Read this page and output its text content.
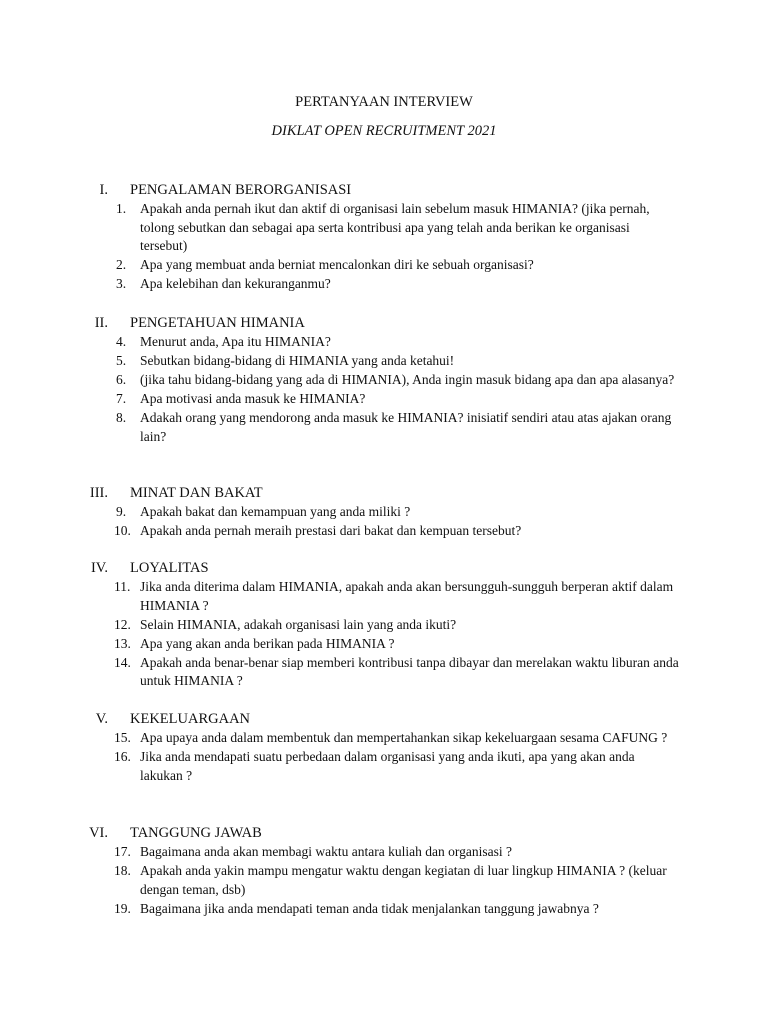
PERTANYAAN INTERVIEW
DIKLAT OPEN RECRUITMENT 2021
I. PENGALAMAN BERORGANISASI
1. Apakah anda pernah ikut dan aktif di organisasi lain sebelum masuk HIMANIA? (jika pernah, tolong sebutkan dan sebagai apa serta kontribusi apa yang telah anda berikan ke organisasi tersebut)
2. Apa yang membuat anda berniat mencalonkan diri ke sebuah organisasi?
3. Apa kelebihan dan kekuranganmu?
II. PENGETAHUAN HIMANIA
4. Menurut anda, Apa itu HIMANIA?
5. Sebutkan bidang-bidang di HIMANIA yang anda ketahui!
6. (jika tahu bidang-bidang yang ada di HIMANIA), Anda ingin masuk bidang apa dan apa alasanya?
7. Apa motivasi anda masuk ke HIMANIA?
8. Adakah orang yang mendorong anda masuk ke HIMANIA? inisiatif sendiri atau atas ajakan orang lain?
III. MINAT DAN BAKAT
9. Apakah bakat dan kemampuan yang anda miliki ?
10. Apakah anda pernah meraih prestasi dari bakat dan kempuan tersebut?
IV. LOYALITAS
11. Jika anda diterima dalam HIMANIA, apakah anda akan bersungguh-sungguh berperan aktif dalam HIMANIA ?
12. Selain HIMANIA, adakah organisasi lain yang anda ikuti?
13. Apa yang akan anda berikan pada HIMANIA ?
14. Apakah anda benar-benar siap memberi kontribusi tanpa dibayar dan merelakan waktu liburan anda untuk HIMANIA ?
V. KEKELUARGAAN
15. Apa upaya anda dalam membentuk dan mempertahankan sikap kekeluargaan sesama CAFUNG ?
16. Jika anda mendapati suatu perbedaan dalam organisasi yang anda ikuti, apa yang akan anda lakukan ?
VI. TANGGUNG JAWAB
17. Bagaimana anda akan membagi waktu antara kuliah dan organisasi ?
18. Apakah anda yakin mampu mengatur waktu dengan kegiatan di luar lingkup HIMANIA ? (keluar dengan teman, dsb)
19. Bagaimana jika anda mendapati teman anda tidak menjalankan tanggung jawabnya ?
